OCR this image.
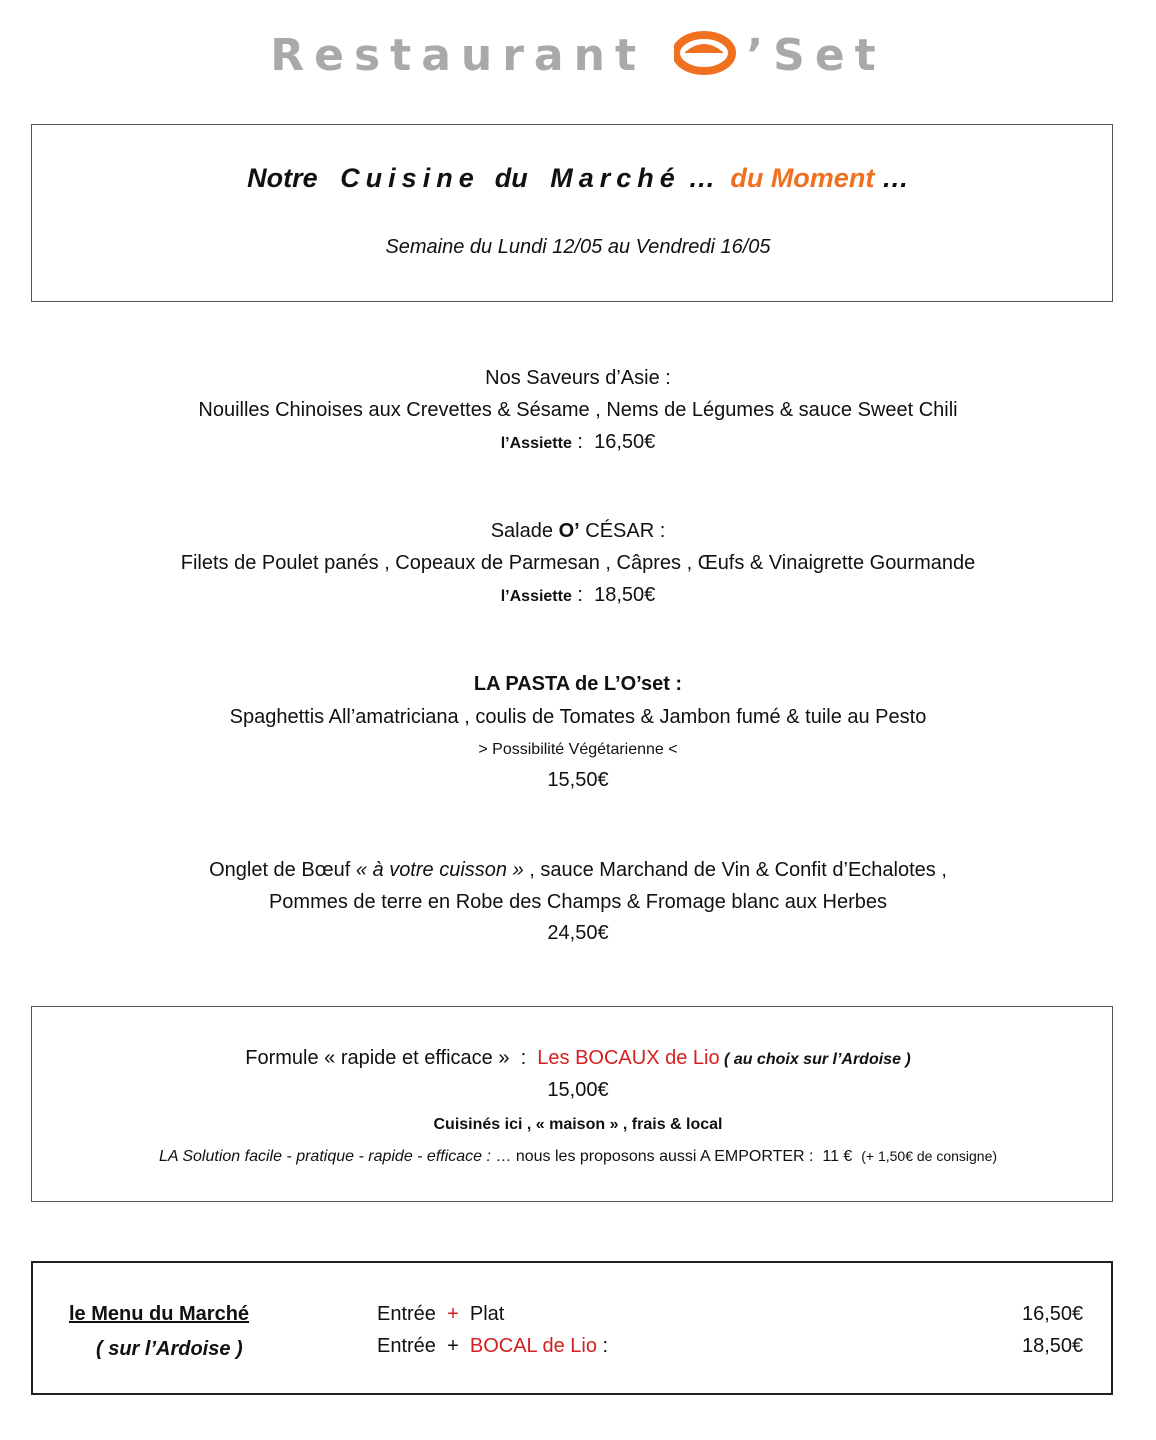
Restaurant ’Set
Notre Cuisine du Marché … du Moment …
Semaine du Lundi 12/05 au Vendredi 16/05
Nos Saveurs d’Asie :
Nouilles Chinoises aux Crevettes & Sésame , Nems de Légumes & sauce Sweet Chili
l’Assiette :  16,50€
Salade O’ CÉSAR :
Filets de Poulet panés , Copeaux de Parmesan , Câpres , Œufs & Vinaigrette Gourmande
l’Assiette :  18,50€
LA PASTA de L’O’set :
Spaghettis All’amatriciana , coulis de Tomates & Jambon fumé & tuile au Pesto
> Possibilité Végétarienne <
15,50€
Onglet de Bœuf « à votre cuisson » , sauce Marchand de Vin & Confit d’Echalotes ,
Pommes de terre en Robe des Champs & Fromage blanc aux Herbes
24,50€
Formule « rapide et efficace »  :  Les BOCAUX de Lio ( au choix sur l’Ardoise )
15,00€
Cuisinés ici , « maison » , frais & local
LA Solution facile - pratique - rapide - efficace : … nous les proposons aussi A EMPORTER :  11 €  (+ 1,50€ de consigne)
le Menu du Marché
( sur l’Ardoise )
Entrée + Plat	16,50€
Entrée + BOCAL de Lio :	18,50€
